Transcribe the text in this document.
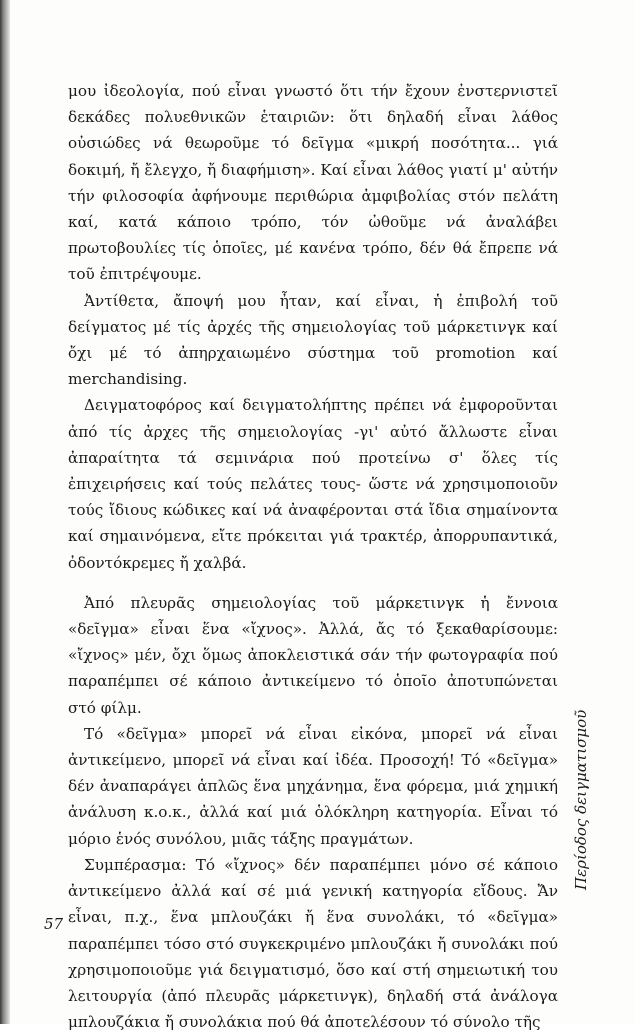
μου ἰδεολογία, πού εἶναι γνωστό ὅτι τήν ἔχουν ἐνστερνιστεῖ δεκάδες πολυεθνικῶν ἑταιριῶν: ὅτι δηλαδή εἶναι λάθος οὐσιώδες νά θεωροῦμε τό δεῖγμα «μικρή ποσότητα... γιά δοκιμή, ἤ ἔλεγχο, ἤ διαφήμιση». Καί εἶναι λάθος γιατί μ' αὐτήν τήν φιλοσοφία ἀφήνουμε περιθώρια ἀμφιβολίας στόν πελάτη καί, κατά κάποιο τρόπο, τόν ὠθοῦμε νά ἀναλάβει πρωτοβουλίες τίς ὁποῖες, μέ κανένα τρόπο, δέν θά ἔπρεπε νά τοῦ ἐπιτρέψουμε.

Ἀντίθετα, ἄποψή μου ἦταν, καί εἶναι, ἡ ἐπιβολή τοῦ δείγματος μέ τίς ἀρχές τῆς σημειολογίας τοῦ μάρκετινγκ καί ὄχι μέ τό ἀπηρχαιωμένο σύστημα τοῦ promotion καί merchandising.

Δειγματοφόρος καί δειγματολήπτης πρέπει νά ἐμφοροῦνται ἀπό τίς ἀρχες τῆς σημειολογίας -γι' αὐτό ἄλλωστε εἶναι ἀπαραίτητα τά σεμινάρια πού προτείνω σ' ὅλες τίς ἐπιχειρήσεις καί τούς πελάτες τους- ὥστε νά χρησιμοποιοῦν τούς ἴδιους κώδικες καί νά ἀναφέρονται στά ἴδια σημαίνοντα καί σημαινόμενα, εἴτε πρόκειται γιά τρακτέρ, ἀπορρυπαντικά, ὀδοντόκρεμες ἤ χαλβά.

Ἀπό πλευρᾶς σημειολογίας τοῦ μάρκετινγκ ἡ ἔννοια «δεῖγμα» εἶναι ἕνα «ἴχνος». Ἀλλά, ἄς τό ξεκαθαρίσουμε: «ἴχνος» μέν, ὄχι ὅμως ἀποκλειστικά σάν τήν φωτογραφία πού παραπέμπει σέ κάποιο ἀντικείμενο τό ὁποῖο ἀποτυπώνεται στό φίλμ.

Τό «δεῖγμα» μπορεῖ νά εἶναι εἰκόνα, μπορεῖ νά εἶναι ἀντικείμενο, μπορεῖ νά εἶναι καί ἰδέα. Προσοχή! Τό «δεῖγμα» δέν ἀναπαράγει ἁπλῶς ἕνα μηχάνημα, ἕνα φόρεμα, μιά χημική ἀνάλυση κ.ο.κ., ἀλλά καί μιά ὁλόκληρη κατηγορία. Εἶναι τό μόριο ἑνός συνόλου, μιᾶς τάξης πραγμάτων.

Συμπέρασμα: Τό «ἴχνος» δέν παραπέμπει μόνο σέ κάποιο ἀντικείμενο ἀλλά καί σέ μιά γενική κατηγορία εἴδους. Ἄν εἶναι, π.χ., ἕνα μπλουζάκι ἤ ἕνα συνολάκι, τό «δεῖγμα» παραπέμπει τόσο στό συγκεκριμένο μπλουζάκι ἤ συνολάκι πού χρησιμοποιοῦμε γιά δειγματισμό, ὅσο καί στή σημειωτική του λειτουργία (ἀπό πλευρᾶς μάρκετινγκ), δηλαδή στά ἀνάλογα μπλουζάκια ἤ συνολάκια πού θά ἀποτελέσουν τό σύνολο τῆς

Περίοδος δειγματισμοῦ
57
